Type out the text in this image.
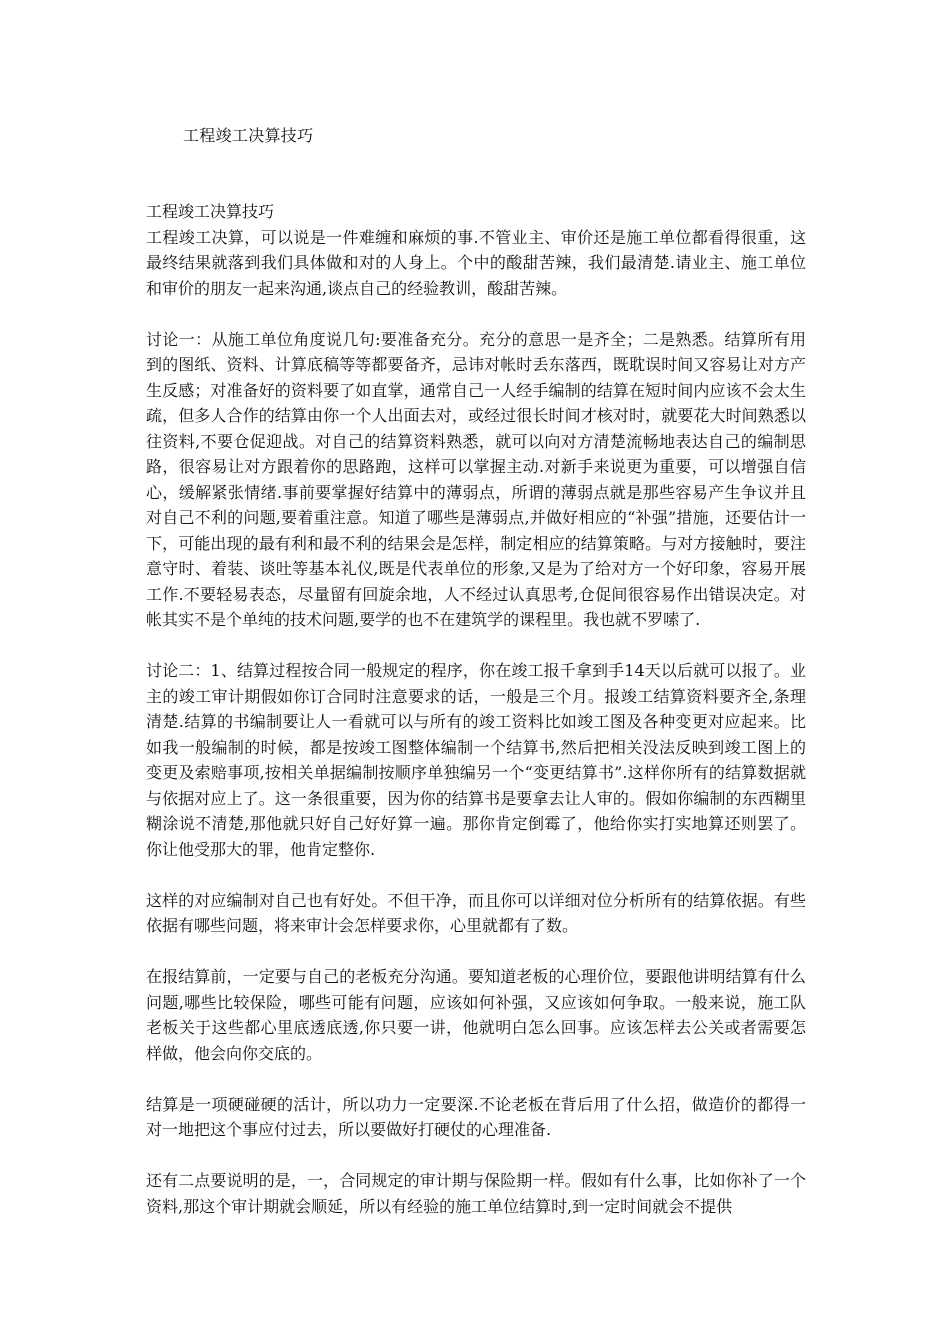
工程竣工决算技巧

工程竣工决算技巧

工程竣工决算，可以说是一件难缠和麻烦的事.不管业主、审价还是施工单位都看得很重，这最终结果就落到我们具体做和对的人身上。个中的酸甜苦辣，我们最清楚.请业主、施工单位和审价的朋友一起来沟通,谈点自己的经验教训，酸甜苦辣。

讨论一：从施工单位角度说几句:要准备充分。充分的意思一是齐全；二是熟悉。结算所有用到的图纸、资料、计算底稿等等都要备齐，忌讳对帐时丢东落西，既耽误时间又容易让对方产生反感；对准备好的资料要了如直掌，通常自己一人经手编制的结算在短时间内应该不会太生疏，但多人合作的结算由你一个人出面去对，或经过很长时间才核对时，就要花大时间熟悉以往资料,不要仓促迎战。对自己的结算资料熟悉，就可以向对方清楚流畅地表达自己的编制思路，很容易让对方跟着你的思路跑，这样可以掌握主动.对新手来说更为重要，可以增强自信心，缓解紧张情绪.事前要掌握好结算中的薄弱点，所谓的薄弱点就是那些容易产生争议并且对自己不利的问题,要着重注意。知道了哪些是薄弱点,并做好相应的“补强”措施，还要估计一下，可能出现的最有利和最不利的结果会是怎样，制定相应的结算策略。与对方接触时，要注意守时、着装、谈吐等基本礼仪,既是代表单位的形象,又是为了给对方一个好印象，容易开展工作.不要轻易表态，尽量留有回旋余地，人不经过认真思考,仓促间很容易作出错误决定。对帐其实不是个单纯的技术问题,要学的也不在建筑学的课程里。我也就不罗嗦了.

讨论二：1、结算过程按合同一般规定的程序，你在竣工报千拿到手14天以后就可以报了。业主的竣工审计期假如你订合同时注意要求的话，一般是三个月。报竣工结算资料要齐全,条理清楚.结算的书编制要让人一看就可以与所有的竣工资料比如竣工图及各种变更对应起来。比如我一般编制的时候，都是按竣工图整体编制一个结算书,然后把相关没法反映到竣工图上的变更及索赔事项,按相关单据编制按顺序单独编另一个“变更结算书”.这样你所有的结算数据就与依据对应上了。这一条很重要，因为你的结算书是要拿去让人审的。假如你编制的东西糊里糊涂说不清楚,那他就只好自己好好算一遍。那你肯定倒霉了，他给你实打实地算还则罢了。你让他受那大的罪，他肯定整你.

这样的对应编制对自己也有好处。不但干净，而且你可以详细对位分析所有的结算依据。有些依据有哪些问题，将来审计会怎样要求你，心里就都有了数。

在报结算前，一定要与自己的老板充分沟通。要知道老板的心理价位，要跟他讲明结算有什么问题,哪些比较保险，哪些可能有问题，应该如何补强，又应该如何争取。一般来说，施工队老板关于这些都心里底透底透,你只要一讲，他就明白怎么回事。应该怎样去公关或者需要怎样做，他会向你交底的。

结算是一项硬碰硬的活计，所以功力一定要深.不论老板在背后用了什么招，做造价的都得一对一地把这个事应付过去，所以要做好打硬仗的心理准备.

还有二点要说明的是，一，合同规定的审计期与保险期一样。假如有什么事，比如你补了一个资料,那这个审计期就会顺延，所以有经验的施工单位结算时,到一定时间就会不提供
